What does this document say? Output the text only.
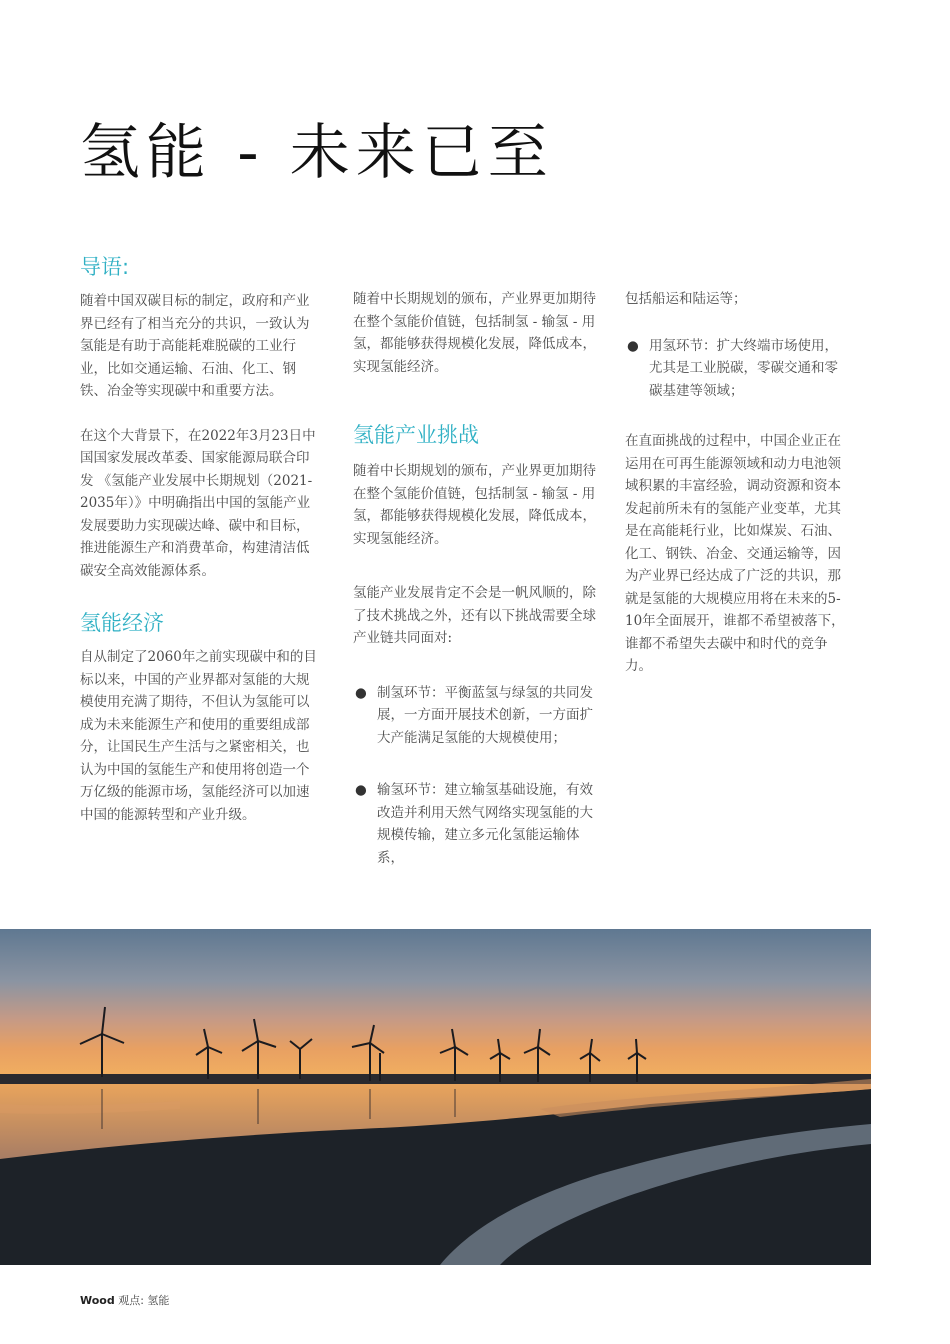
氢能 - 未来已至
导语:

随着中国双碳目标的制定，政府和产业界已经有了相当充分的共识，一致认为氢能是有助于高能耗难脱碳的工业行业，比如交通运输、石油、化工、钢铁、冶金等实现碳中和重要方法。

在这个大背景下，在2022年3月23日中国国家发展改革委、国家能源局联合印发 《氢能产业发展中长期规划（2021-2035年）》中明确指出中国的氢能产业发展要助力实现碳达峰、碳中和目标，推进能源生产和消费革命，构建清洁低碳安全高效能源体系。

氢能经济

自从制定了2060年之前实现碳中和的目标以来，中国的产业界都对氢能的大规模使用充满了期待，不但认为氢能可以成为未来能源生产和使用的重要组成部分，让国民生产生活与之紧密相关，也认为中国的氢能生产和使用将创造一个万亿级的能源市场，氢能经济可以加速中国的能源转型和产业升级。

随着中长期规划的颁布，产业界更加期待在整个氢能价值链，包括制氢 - 输氢 - 用氢，都能够获得规模化发展，降低成本，实现氢能经济。

氢能产业挑战

随着中长期规划的颁布，产业界更加期待在整个氢能价值链，包括制氢 - 输氢 - 用氢，都能够获得规模化发展，降低成本，实现氢能经济。

氢能产业发展肯定不会是一帆风顺的，除了技术挑战之外，还有以下挑战需要全球产业链共同面对:

● 制氢环节：平衡蓝氢与绿氢的共同发展，一方面开展技术创新，一方面扩大产能满足氢能的大规模使用；

● 输氢环节：建立输氢基础设施，有效改造并利用天然气网络实现氢能的大规模传输，建立多元化氢能运输体系，

包括船运和陆运等；

● 用氢环节：扩大终端市场使用，尤其是工业脱碳，零碳交通和零碳基建等领域；

在直面挑战的过程中，中国企业正在运用在可再生能源领域和动力电池领域积累的丰富经验，调动资源和资本发起前所未有的氢能产业变革，尤其是在高能耗行业，比如煤炭、石油、化工、钢铁、冶金、交通运输等，因为产业界已经达成了广泛的共识，那就是氢能的大规模应用将在未来的5-10年全面展开，谁都不希望被落下，谁都不希望失去碳中和时代的竞争力。

Wood 观点: 氢能
